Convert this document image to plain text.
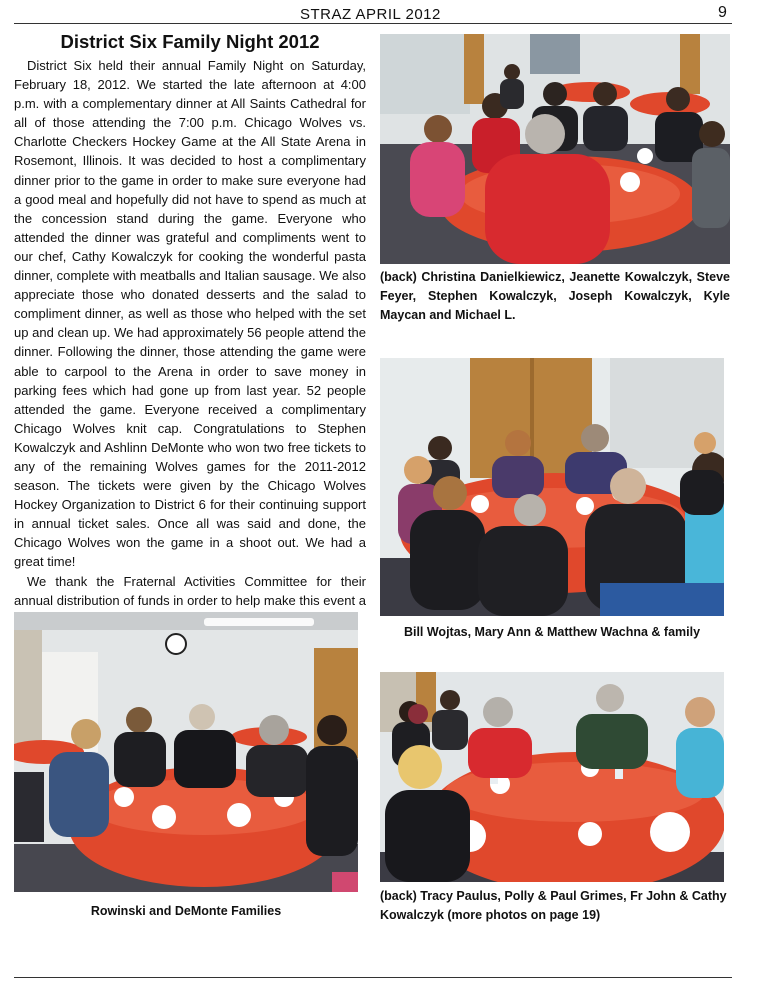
STRAZ APRIL 2012	9
District Six Family Night 2012

District Six held their annual Family Night on Saturday, February 18, 2012. We started the late afternoon at 4:00 p.m. with a complementary dinner at All Saints Cathedral for all of those attending the 7:00 p.m. Chicago Wolves vs. Charlotte Checkers Hockey Game at the All State Arena in Rosemont, Illinois. It was decided to host a complimentary dinner prior to the game in order to make sure everyone had a good meal and hopefully did not have to spend as much at the concession stand during the game. Everyone who attended the dinner was grateful and compliments went to our chef, Cathy Kowalczyk for cooking the wonderful pasta dinner, complete with meatballs and Italian sausage. We also appreciate those who donated desserts and the salad to compliment dinner, as well as those who helped with the set up and clean up. We had approximately 56 people attend the dinner. Following the dinner, those attending the game were able to carpool to the Arena in order to save money in parking fees which had gone up from last year. 52 people attended the game. Everyone received a complimentary Chicago Wolves knit cap. Congratulations to Stephen Kowalczyk and Ashlinn DeMonte who won two free tickets to any of the remaining Wolves games for the 2011-2012 season. The tickets were given by the Chicago Wolves Hockey Organization to District 6 for their continuing support in annual ticket sales. Once all was said and done, the Chicago Wolves won the game in a shoot out. We had a great time!

We thank the Fraternal Activities Committee for their annual distribution of funds in order to help make this event a

(back) Christina Danielkiewicz, Jeanette Kowalczyk, Steve Feyer, Stephen Kowalczyk, Joseph Kowalczyk, Kyle Maycan and Michael L.
Bill Wojtas, Mary Ann & Matthew Wachna & family
Rowinski and DeMonte Families
(back) Tracy Paulus, Polly & Paul Grimes, Fr John & Cathy Kowalczyk (more photos on page 19)
